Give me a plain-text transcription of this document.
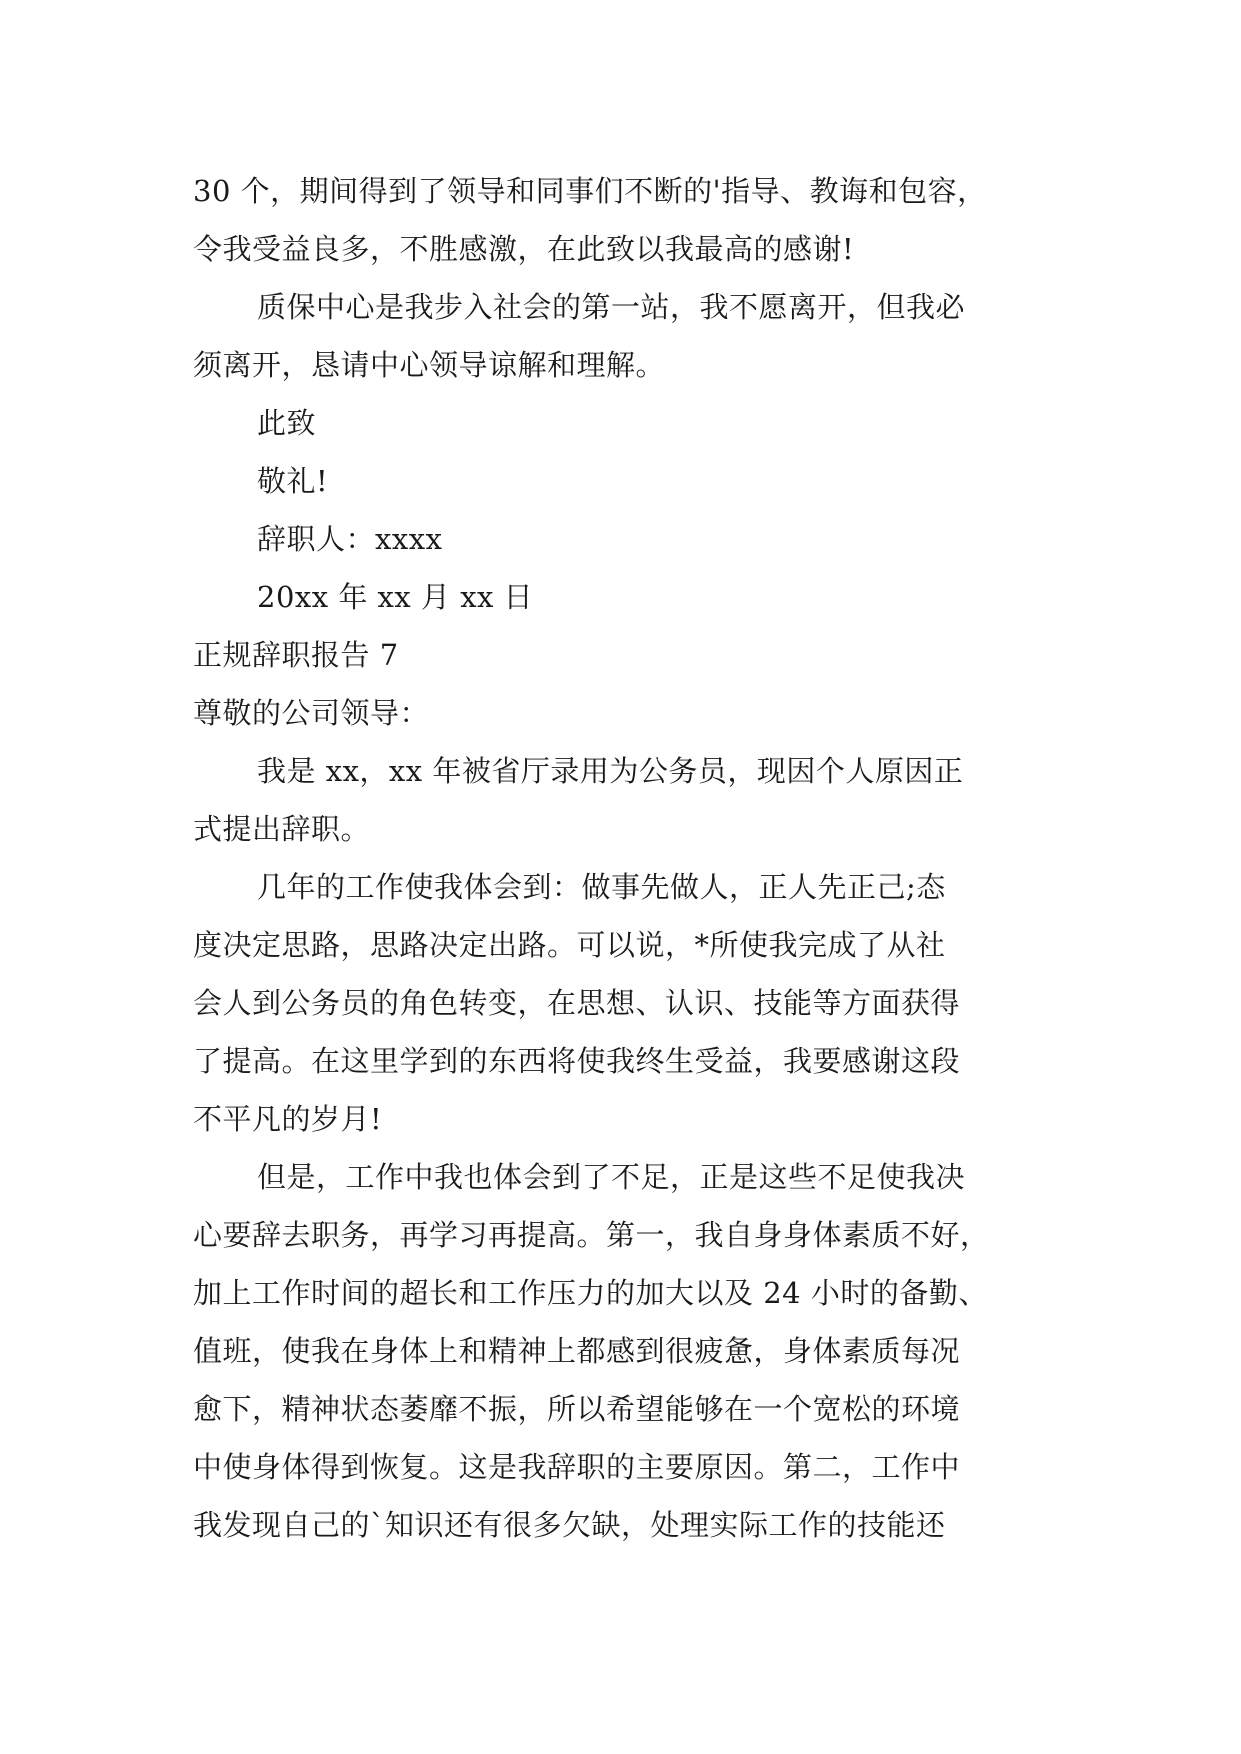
30 个，期间得到了领导和同事们不断的'指导、教诲和包容，
令我受益良多，不胜感激，在此致以我最高的感谢!

质保中心是我步入社会的第一站，我不愿离开，但我必
须离开，恳请中心领导谅解和理解。

此致

敬礼!

辞职人：xxxx

20xx 年 xx 月 xx 日

正规辞职报告 7

尊敬的公司领导：

我是 xx，xx 年被省厅录用为公务员，现因个人原因正
式提出辞职。

几年的工作使我体会到：做事先做人，正人先正己;态
度决定思路，思路决定出路。可以说，*所使我完成了从社
会人到公务员的角色转变，在思想、认识、技能等方面获得
了提高。在这里学到的东西将使我终生受益，我要感谢这段
不平凡的岁月!

但是，工作中我也体会到了不足，正是这些不足使我决
心要辞去职务，再学习再提高。第一，我自身身体素质不好，
加上工作时间的超长和工作压力的加大以及 24 小时的备勤、
值班，使我在身体上和精神上都感到很疲惫，身体素质每况
愈下，精神状态萎靡不振，所以希望能够在一个宽松的环境
中使身体得到恢复。这是我辞职的主要原因。第二，工作中
我发现自己的`知识还有很多欠缺，处理实际工作的技能还
